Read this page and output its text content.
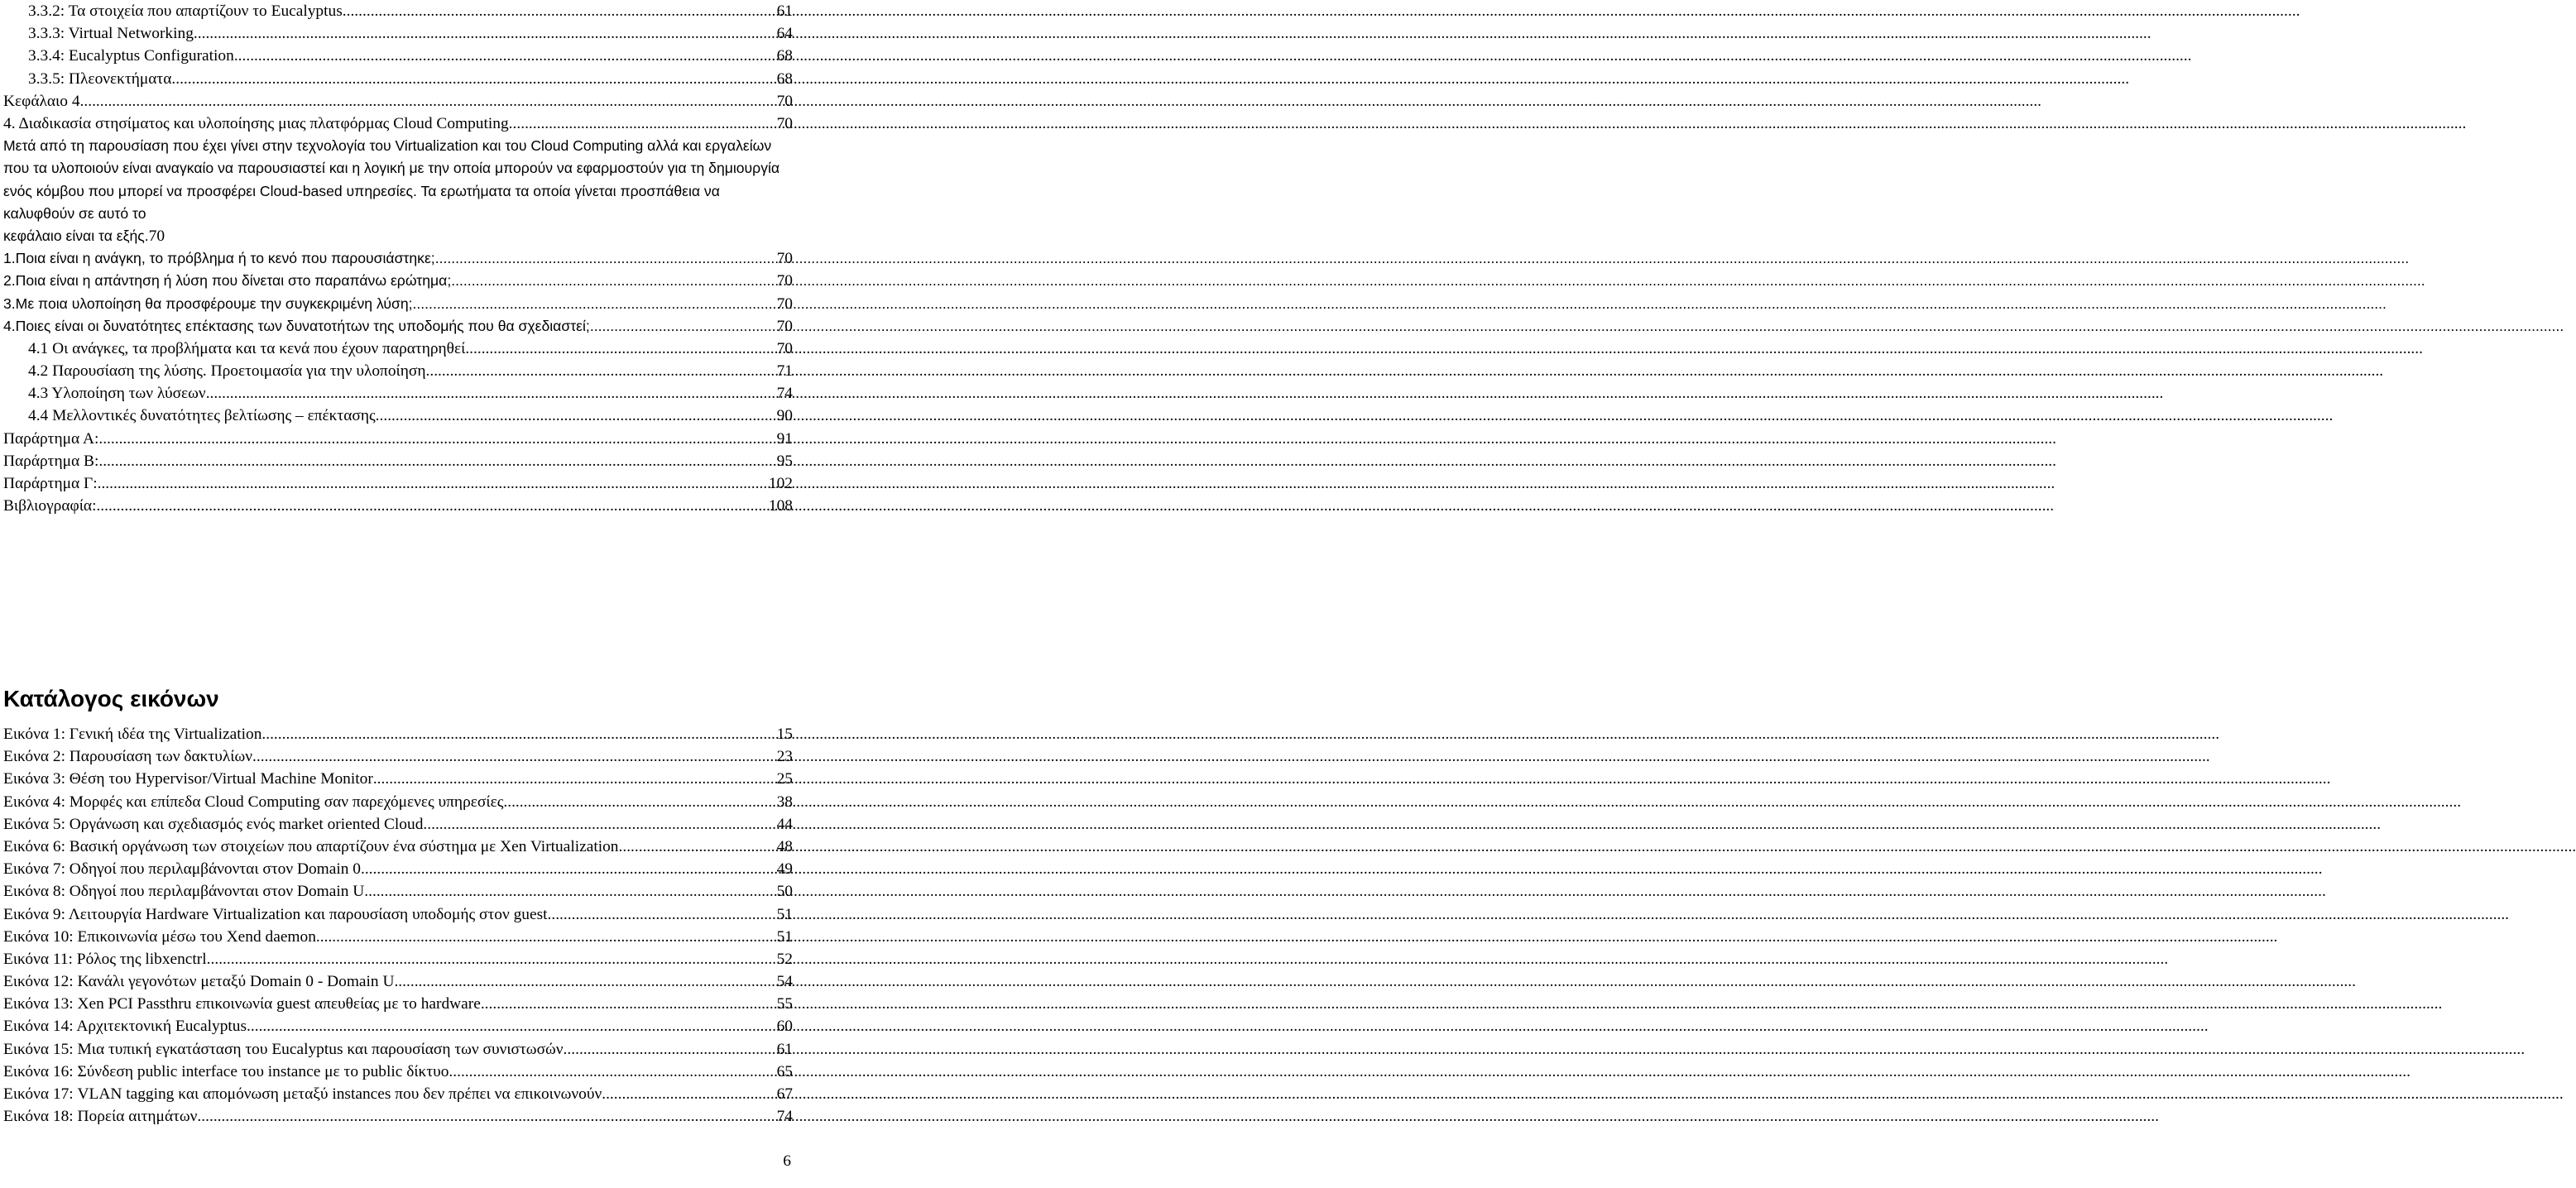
3.3.2: Τα στοιχεία που απαρτίζουν το Eucalyptus .....	61
3.3.3: Virtual Networking .....	64
3.3.4: Eucalyptus Configuration .....	68
3.3.5: Πλεονεκτήματα .....	68
Κεφάλαιο 4. .....	70
4. Διαδικασία στησίματος και υλοποίησης μιας πλατφόρμας Cloud Computing .....	70
Μετά από τη παρουσίαση που έχει γίνει στην τεχνολογία του Virtualization και του Cloud Computing αλλά και εργαλείων που τα υλοποιούν είναι αναγκαίο να παρουσιαστεί και η λογική με την οποία μπορούν να εφαρμοστούν για τη δημιουργία ενός κόμβου που μπορεί να προσφέρει Cloud-based υπηρεσίες. Τα ερωτήματα τα οποία γίνεται προσπάθεια να καλυφθούν σε αυτό το
κεφάλαιο είναι τα εξής. 70
1.Ποια είναι η ανάγκη, το πρόβλημα ή το κενό που παρουσιάστηκε; .....	70
2.Ποια είναι η απάντηση ή λύση που δίνεται στο παραπάνω ερώτημα; .....	70
3.Με ποια υλοποίηση θα προσφέρουμε την συγκεκριμένη λύση; .....	70
4.Ποιες είναι οι δυνατότητες επέκτασης των δυνατοτήτων της υποδομής που θα σχεδιαστεί; .....	70
4.1 Οι ανάγκες, τα προβλήματα και τα κενά που έχουν παρατηρηθεί .....	70
4.2 Παρουσίαση της λύσης. Προετοιμασία για την υλοποίηση .....	71
4.3 Υλοποίηση των λύσεων .....	74
4.4 Μελλοντικές δυνατότητες βελτίωσης – επέκτασης .....	90
Παράρτημα Α: .....	91
Παράρτημα Β: .....	95
Παράρτημα Γ: .....	102
Βιβλιογραφία: .....	108
Κατάλογος εικόνων
Εικόνα 1: Γενική ιδέα της Virtualization .....	15
Εικόνα 2: Παρουσίαση των δακτυλίων .....	23
Εικόνα 3: Θέση του Hypervisor/Virtual Machine Monitor .....	25
Εικόνα 4: Μορφές και επίπεδα Cloud Computing σαν παρεχόμενες υπηρεσίες .....	38
Εικόνα 5: Οργάνωση και σχεδιασμός ενός market oriented Cloud .....	44
Εικόνα 6: Βασική οργάνωση των στοιχείων που απαρτίζουν ένα σύστημα με Xen Virtualization .....	48
Εικόνα 7: Οδηγοί που περιλαμβάνονται στον Domain 0. .....	49
Εικόνα 8: Οδηγοί που περιλαμβάνονται στον Domain U. .....	50
Εικόνα 9: Λειτουργία Hardware Virtualization και παρουσίαση υποδομής στον guest. .....	51
Εικόνα 10: Επικοινωνία μέσω του Xend daemon. .....	51
Εικόνα 11: Ρόλος της libxenctrl. .....	52
Εικόνα 12: Κανάλι γεγονότων μεταξύ Domain 0 - Domain U. .....	54
Εικόνα 13: Xen PCI Passthru επικοινωνία guest απευθείας με το hardware. .....	55
Εικόνα 14: Αρχιτεκτονική Eucalyptus. .....	60
Εικόνα 15: Μια τυπική εγκατάσταση του Eucalyptus και παρουσίαση των συνιστωσών. .....	61
Εικόνα 16: Σύνδεση public interface του instance με το public δίκτυο. .....	65
Εικόνα 17: VLAN tagging και απομόνωση μεταξύ instances που δεν πρέπει να επικοινωνούν. .....	67
Εικόνα 18: Πορεία αιτημάτων. .....	74
6
